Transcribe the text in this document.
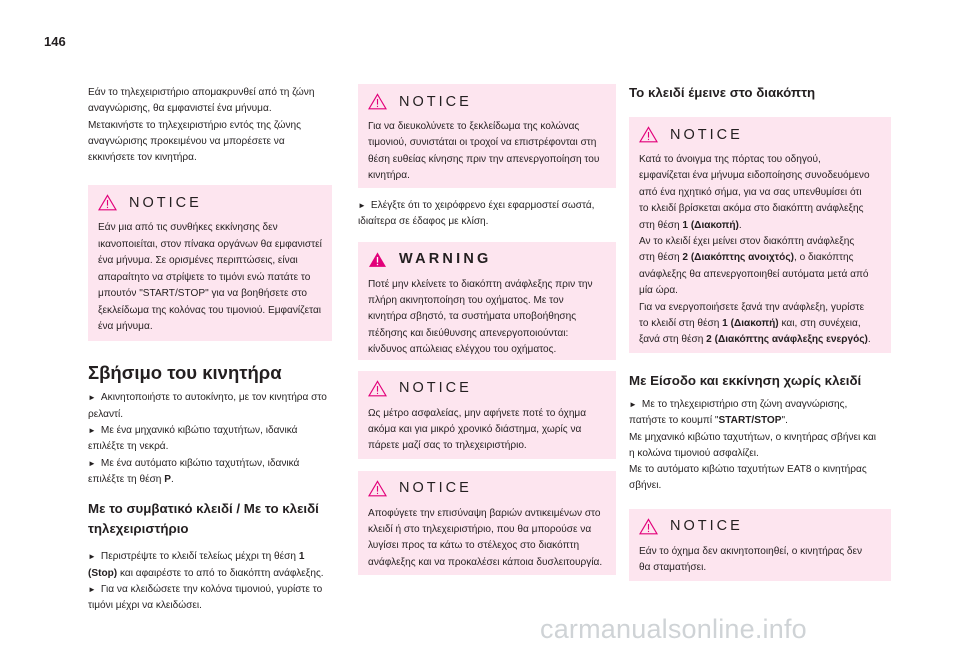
146
Εάν το τηλεχειριστήριο απομακρυνθεί από τη ζώνη
αναγνώρισης, θα εμφανιστεί ένα μήνυμα.
Μετακινήστε το τηλεχειριστήριο εντός της ζώνης
αναγνώρισης προκειμένου να μπορέσετε να
εκκινήσετε τον κινητήρα.
NOTICE
Εάν μια από τις συνθήκες εκκίνησης δεν
ικανοποιείται, στον πίνακα οργάνων θα εμφανιστεί
ένα μήνυμα. Σε ορισμένες περιπτώσεις, είναι
απαραίτητο να στρίψετε το τιμόνι ενώ πατάτε το
μπουτόν "START/STOP" για να βοηθήσετε στο
ξεκλείδωμα της κολόνας του τιμονιού. Εμφανίζεται
ένα μήνυμα.
Σβήσιμο του κινητήρα
► Ακινητοποιήστε το αυτοκίνητο, με τον κινητήρα στο
ρελαντί.
► Με ένα μηχανικό κιβώτιο ταχυτήτων, ιδανικά
επιλέξτε τη νεκρά.
► Με ένα αυτόματο κιβώτιο ταχυτήτων, ιδανικά
επιλέξτε τη θέση P.
Με το συμβατικό κλειδί / Με το κλειδί
τηλεχειριστήριο
► Περιστρέψτε το κλειδί τελείως μέχρι τη θέση 1
(Stop) και αφαιρέστε το από το διακόπτη ανάφλεξης.
► Για να κλειδώσετε την κολόνα τιμονιού, γυρίστε το
τιμόνι μέχρι να κλειδώσει.
NOTICE
Για να διευκολύνετε το ξεκλείδωμα της κολώνας
τιμονιού, συνιστάται οι τροχοί να επιστρέφονται στη
θέση ευθείας κίνησης πριν την απενεργοποίηση του
κινητήρα.
► Ελέγξτε ότι το χειρόφρενο έχει εφαρμοστεί σωστά,
ιδιαίτερα σε έδαφος με κλίση.
WARNING
Ποτέ μην κλείνετε το διακόπτη ανάφλεξης πριν την
πλήρη ακινητοποίηση του οχήματος. Με τον
κινητήρα σβηστό, τα συστήματα υποβοήθησης
πέδησης και διεύθυνσης απενεργοποιούνται:
κίνδυνος απώλειας ελέγχου του οχήματος.
NOTICE
Ως μέτρο ασφαλείας, μην αφήνετε ποτέ το όχημα
ακόμα και για μικρό χρονικό διάστημα, χωρίς να
πάρετε μαζί σας το τηλεχειριστήριο.
NOTICE
Αποφύγετε την επισύναψη βαριών αντικειμένων στο
κλειδί ή στο τηλεχειριστήριο, που θα μπορούσε να
λυγίσει προς τα κάτω το στέλεχος στο διακόπτη
ανάφλεξης και να προκαλέσει κάποια δυσλειτουργία.
Το κλειδί έμεινε στο διακόπτη
NOTICE
Κατά το άνοιγμα της πόρτας του οδηγού,
εμφανίζεται ένα μήνυμα ειδοποίησης συνοδευόμενο
από ένα ηχητικό σήμα, για να σας υπενθυμίσει ότι
το κλειδί βρίσκεται ακόμα στο διακόπτη ανάφλεξης
στη θέση 1 (Διακοπή).
Αν το κλειδί έχει μείνει στον διακόπτη ανάφλεξης
στη θέση 2 (Διακόπτης ανοιχτός), ο διακόπτης
ανάφλεξης θα απενεργοποιηθεί αυτόματα μετά από
μία ώρα.
Για να ενεργοποιήσετε ξανά την ανάφλεξη, γυρίστε
το κλειδί στη θέση 1 (Διακοπή) και, στη συνέχεια,
ξανά στη θέση 2 (Διακόπτης ανάφλεξης ενεργός).
Με Είσοδο και εκκίνηση χωρίς κλειδί
► Με το τηλεχειριστήριο στη ζώνη αναγνώρισης,
πατήστε το κουμπί "START/STOP".
Με μηχανικό κιβώτιο ταχυτήτων, ο κινητήρας σβήνει και
η κολώνα τιμονιού ασφαλίζει.
Με το αυτόματο κιβώτιο ταχυτήτων EAT8 ο κινητήρας
σβήνει.
NOTICE
Εάν το όχημα δεν ακινητοποιηθεί, ο κινητήρας δεν
θα σταματήσει.
carmanualsonline.info
